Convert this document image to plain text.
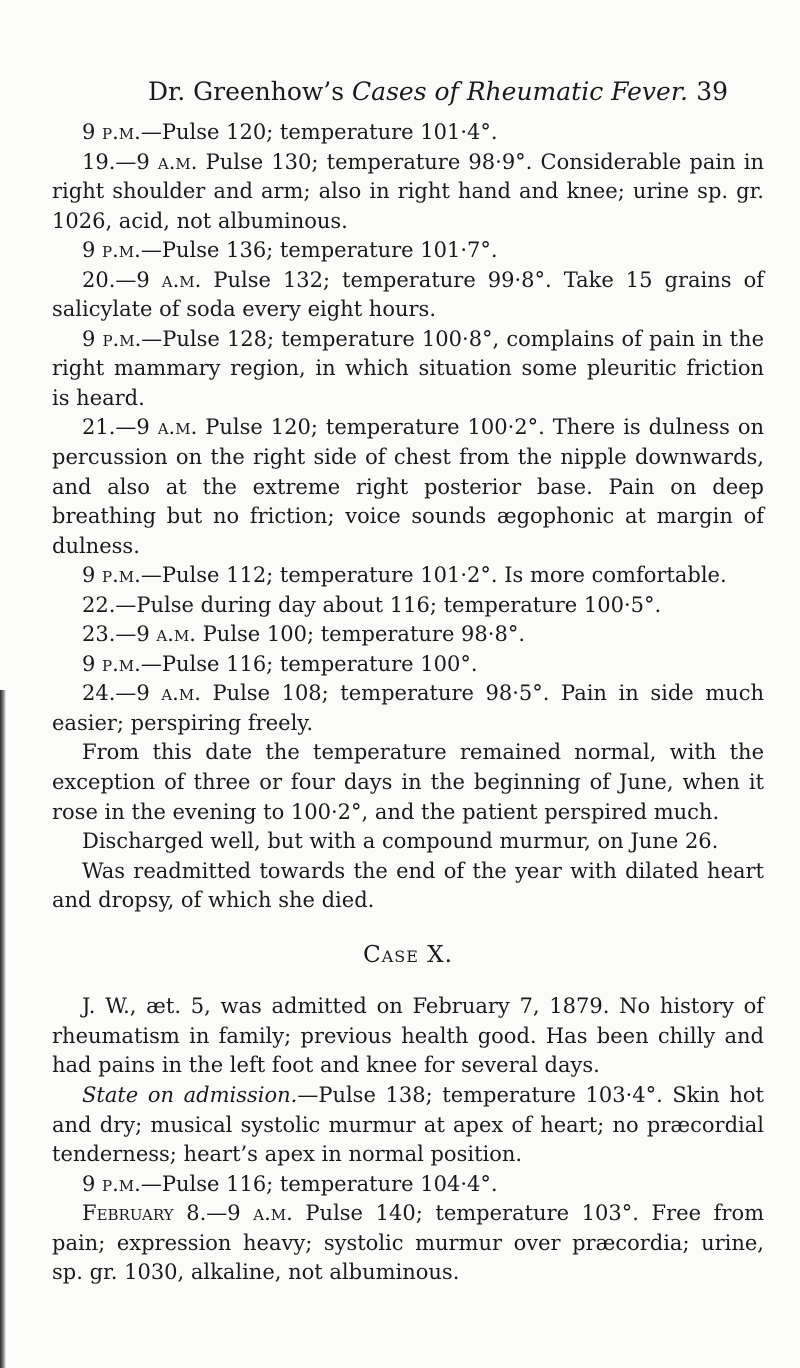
Dr. Greenhow’s Cases of Rheumatic Fever. 39

9 p.m.—Pulse 120; temperature 101·4°.

19.—9 a.m. Pulse 130; temperature 98·9°. Considerable pain in right shoulder and arm; also in right hand and knee; urine sp. gr. 1026, acid, not albuminous.

9 p.m.—Pulse 136; temperature 101·7°.

20.—9 a.m. Pulse 132; temperature 99·8°. Take 15 grains of salicylate of soda every eight hours.

9 p.m.—Pulse 128; temperature 100·8°, complains of pain in the right mammary region, in which situation some pleuritic friction is heard.

21.—9 a.m. Pulse 120; temperature 100·2°. There is dulness on percussion on the right side of chest from the nipple downwards, and also at the extreme right posterior base. Pain on deep breathing but no friction; voice sounds ægophonic at margin of dulness.

9 p.m.—Pulse 112; temperature 101·2°. Is more comfortable.

22.—Pulse during day about 116; temperature 100·5°.

23.—9 a.m. Pulse 100; temperature 98·8°.

9 p.m.—Pulse 116; temperature 100°.

24.—9 a.m. Pulse 108; temperature 98·5°. Pain in side much easier; perspiring freely.

From this date the temperature remained normal, with the exception of three or four days in the beginning of June, when it rose in the evening to 100·2°, and the patient perspired much.

Discharged well, but with a compound murmur, on June 26.

Was readmitted towards the end of the year with dilated heart and dropsy, of which she died.

Case X.

J. W., æt. 5, was admitted on February 7, 1879. No history of rheumatism in family; previous health good. Has been chilly and had pains in the left foot and knee for several days.

State on admission.—Pulse 138; temperature 103·4°. Skin hot and dry; musical systolic murmur at apex of heart; no præcordial tenderness; heart’s apex in normal position.

9 p.m.—Pulse 116; temperature 104·4°.

February 8.—9 a.m. Pulse 140; temperature 103°. Free from pain; expression heavy; systolic murmur over præcordia; urine, sp. gr. 1030, alkaline, not albuminous.
